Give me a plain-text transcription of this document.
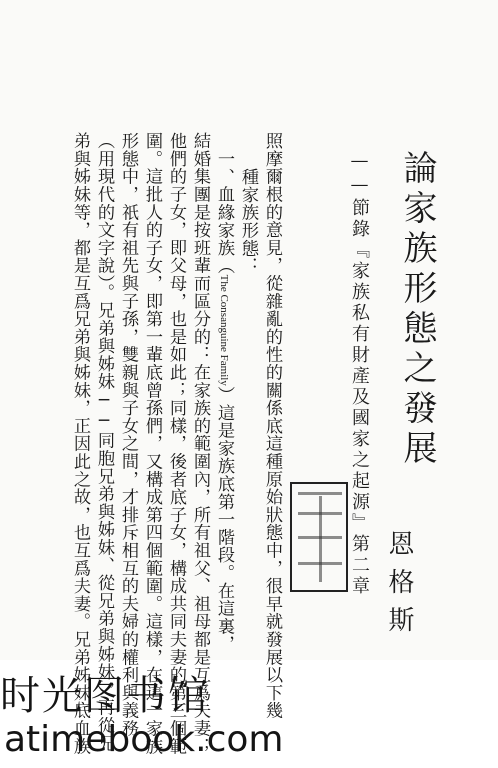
論家族形態之發展
恩格斯
——節錄『家族私有財產及國家之起源』第二章
照摩爾根的意見，從雜亂的性的關係底這種原始狀態中，很早就發展以下幾
種家族形態：
一、血緣家族（The Consanguine Family）這是家族底第一階段。在這裏，
結婚集團是按班輩而區分的：在家族的範圍內，所有祖父、祖母都是互爲夫妻；
他們的子女，即父母，也是如此；同樣，後者底子女，構成共同夫妻的第三個範
圍。這批人的子女，即第一輩底曾孫們，又構成第四個範圍。這樣，在這一家族
形態中，祇有祖先與子孫，雙親與子女之間，才排斥相互的夫婦的權利與義務
（用現代的文字說）。兄弟與姊妹──同胞兄弟與姊妹、從兄弟與姊妹，再從兄
弟與姊妹等，都是互爲兄弟與姊妹，正因此之故，也互爲夫妻。兄弟姊妹底血族
时光图书馆
atimebook.com
